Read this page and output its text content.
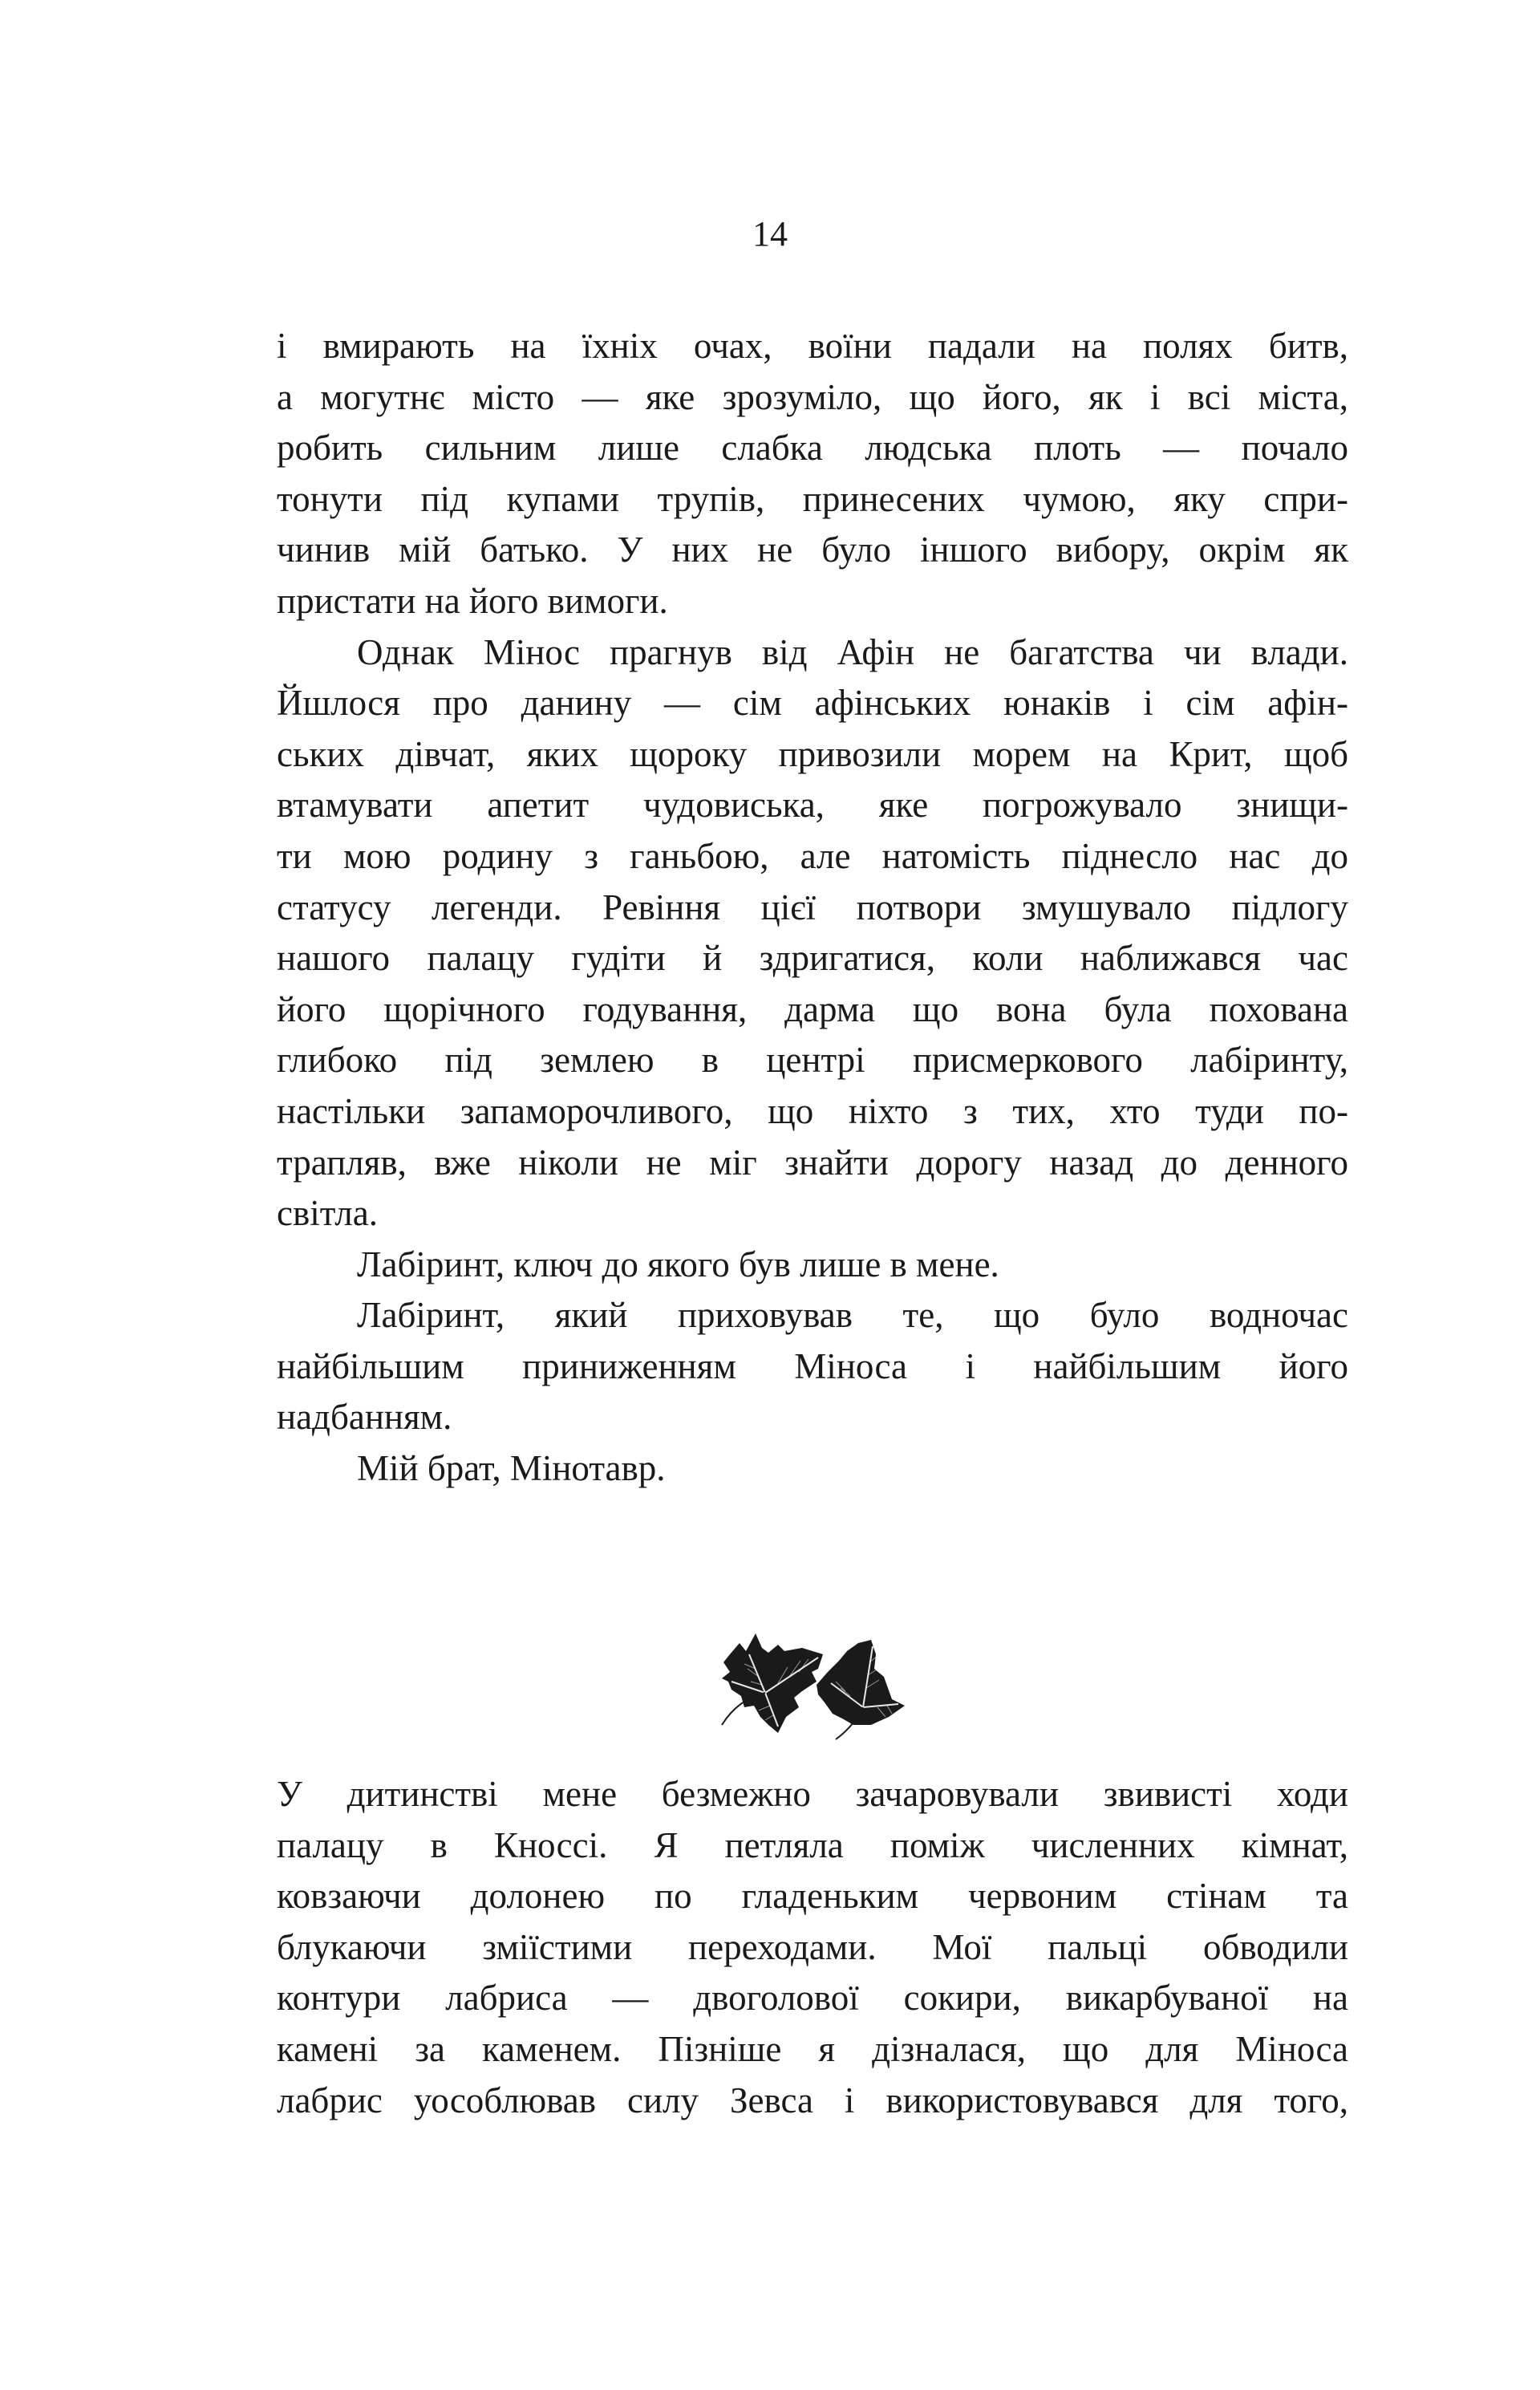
14
і вмирають на їхніх очах, воїни падали на полях битв,
а могутнє місто — яке зрозуміло, що його, як і всі міста,
робить сильним лише слабка людська плоть — почало
тонути під купами трупів, принесених чумою, яку спри-
чинив мій батько. У них не було іншого вибору, окрім як
пристати на його вимоги.
Однак Мінос прагнув від Афін не багатства чи влади.
Йшлося про данину — сім афінських юнаків і сім афін-
ських дівчат, яких щороку привозили морем на Крит, щоб
втамувати апетит чудовиська, яке погрожувало знищи-
ти мою родину з ганьбою, але натомість піднесло нас до
статусу легенди. Ревіння цієї потвори змушувало підлогу
нашого палацу гудіти й здригатися, коли наближався час
його щорічного годування, дарма що вона була похована
глибоко під землею в центрі присмеркового лабіринту,
настільки запаморочливого, що ніхто з тих, хто туди по-
трапляв, вже ніколи не міг знайти дорогу назад до денного
світла.
Лабіринт, ключ до якого був лише в мене.
Лабіринт, який приховував те, що було водночас
найбільшим приниженням Міноса і найбільшим його
надбанням.
Мій брат, Мінотавр.
У дитинстві мене безмежно зачаровували звивисті ходи
палацу в Кноссі. Я петляла поміж численних кімнат,
ковзаючи долонею по гладеньким червоним стінам та
блукаючи зміїстими переходами. Мої пальці обводили
контури лабриса — двоголової сокири, викарбуваної на
камені за каменем. Пізніше я дізналася, що для Міноса
лабрис уособлював силу Зевса і використовувався для того,
